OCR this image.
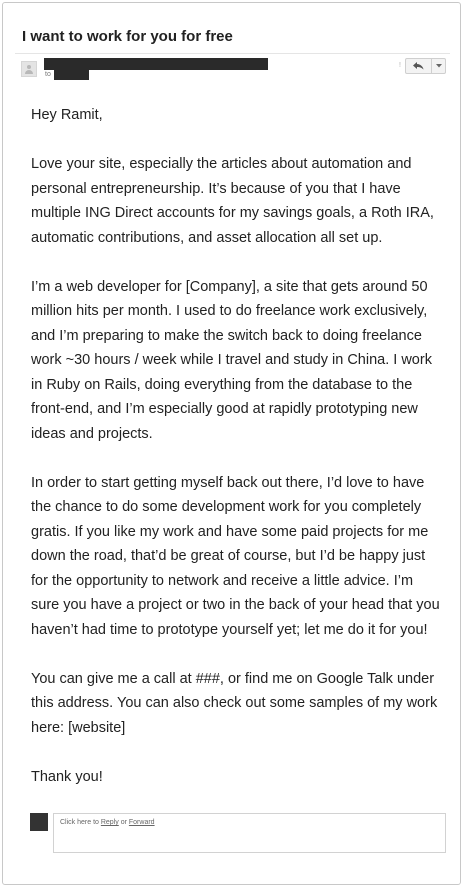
I want to work for you for free
to
!

Hey Ramit,

Love your site, especially the articles about automation and personal entrepreneurship. It’s because of you that I have multiple ING Direct accounts for my savings goals, a Roth IRA, automatic contributions, and asset allocation all set up.

I’m a web developer for [Company], a site that gets around 50 million hits per month. I used to do freelance work exclusively, and I’m preparing to make the switch back to doing freelance work ~30 hours / week while I travel and study in China. I work in Ruby on Rails, doing everything from the database to the front-end, and I’m especially good at rapidly prototyping new ideas and projects.

In order to start getting myself back out there, I’d love to have the chance to do some development work for you completely gratis. If you like my work and have some paid projects for me down the road, that’d be great of course, but I’d be happy just for the opportunity to network and receive a little advice. I’m sure you have a project or two in the back of your head that you haven’t had time to prototype yourself yet; let me do it for you!

You can give me a call at ###, or find me on Google Talk under this address. You can also check out some samples of my work here: [website]

Thank you!

Click here to Reply or Forward
